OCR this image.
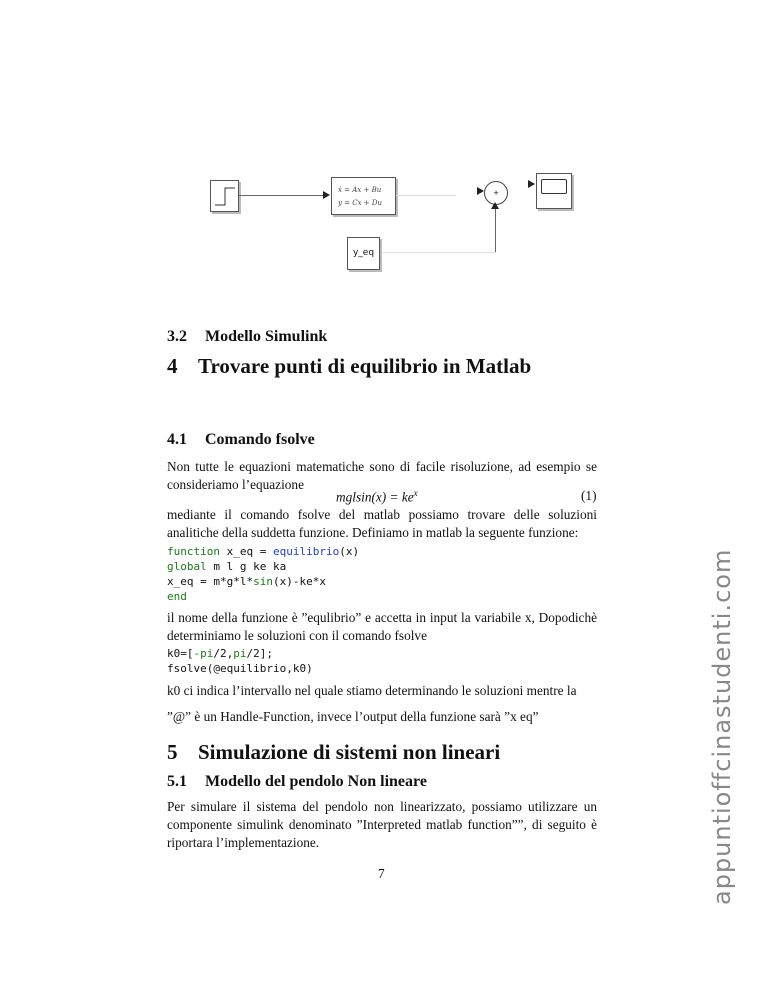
ẋ = Ax + Bu
y = Cx + Du
+
y_eq
3.2 Modello Simulink
4 Trovare punti di equilibrio in Matlab
4.1 Comando fsolve
Non tutte le equazioni matematiche sono di facile risoluzione, ad esempio se consideriamo l’equazione
$mglsin(x) = ke^x$	(1)
mediante il comando fsolve del matlab possiamo trovare delle soluzioni analitiche della suddetta funzione. Definiamo in matlab la seguente funzione:
function x_eq = equilibrio(x)
global m l g ke ka
x_eq = m*g*l*sin(x)-ke*x
end
il nome della funzione è ”equlibrio” e accetta in input la variabile x, Dopodichè determiniamo le soluzioni con il comando fsolve
k0=[-pi/2,pi/2];
fsolve(@equilibrio,k0)
k0 ci indica l’intervallo nel quale stiamo determinando le soluzioni mentre la
”@” è un Handle-Function, invece l’output della funzione sarà ”x eq”
5 Simulazione di sistemi non lineari
5.1 Modello del pendolo Non lineare
Per simulare il sistema del pendolo non linearizzato, possiamo utilizzare un componente simulink denominato ”Interpreted matlab function””, di seguito è riportara l’implementazione.
7	appuntioffcinastudenti.com
